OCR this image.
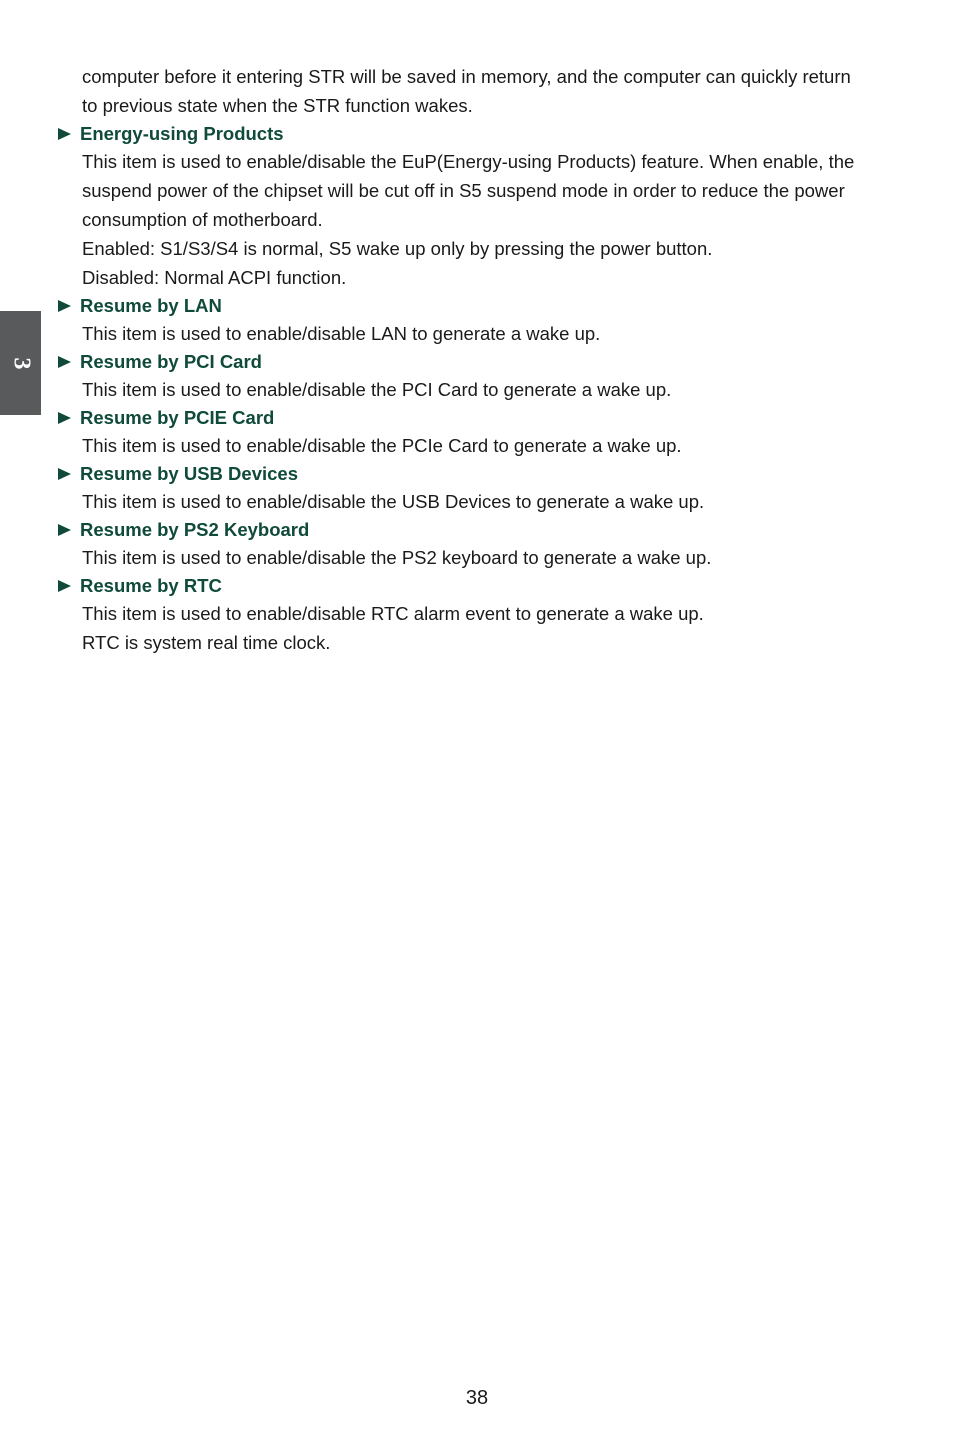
3
computer before it entering STR will be saved in memory, and the computer can quickly return
to previous state when the STR function wakes.
Energy-using Products
This item is used to enable/disable the EuP(Energy-using Products) feature. When enable, the
suspend power of the chipset will be cut off in S5 suspend mode in order to reduce the power
consumption of motherboard.
Enabled: S1/S3/S4 is normal, S5 wake up only by pressing the power button.
Disabled: Normal ACPI function.
Resume by LAN
This item is used to enable/disable LAN to generate a wake up.
Resume by PCI Card
This item is used to enable/disable the PCI Card to generate a wake up.
Resume by PCIE Card
This item is used to enable/disable the PCIe Card to generate a wake up.
Resume by USB Devices
This item is used to enable/disable the USB Devices to generate a wake up.
Resume by PS2 Keyboard
This item is used to enable/disable the PS2 keyboard to generate a wake up.
Resume by RTC
This item is used to enable/disable RTC alarm event to generate a wake up.
RTC is system real time clock.
38
